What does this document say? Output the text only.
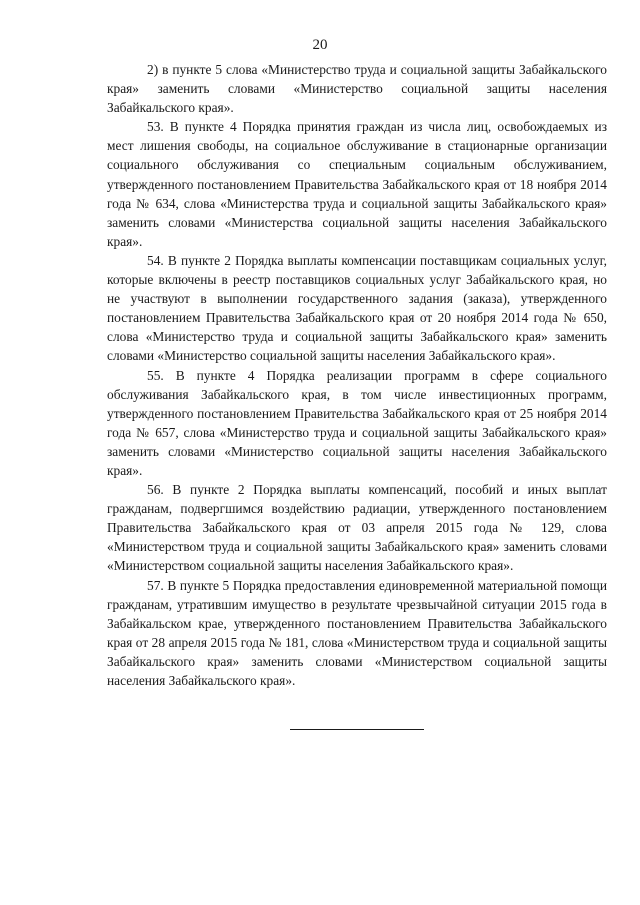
20

2) в пункте 5 слова «Министерство труда и социальной защиты Забайкальского края» заменить словами «Министерство социальной защиты населения Забайкальского края».

53. В пункте 4 Порядка принятия граждан из числа лиц, освобождаемых из мест лишения свободы, на социальное обслуживание в стационарные организации социального обслуживания со специальным социальным обслуживанием, утвержденного постановлением Правительства Забайкальского края от 18 ноября 2014 года № 634, слова «Министерства труда и социальной защиты Забайкальского края» заменить словами «Министерства социальной защиты населения Забайкальского края».

54. В пункте 2 Порядка выплаты компенсации поставщикам социальных услуг, которые включены в реестр поставщиков социальных услуг Забайкальского края, но не участвуют в выполнении государственного задания (заказа), утвержденного постановлением Правительства Забайкальского края от 20 ноября 2014 года № 650, слова «Министерство труда и социальной защиты Забайкальского края» заменить словами «Министерство социальной защиты населения Забайкальского края».

55. В пункте 4 Порядка реализации программ в сфере социального обслуживания Забайкальского края, в том числе инвестиционных программ, утвержденного постановлением Правительства Забайкальского края от 25 ноября 2014 года № 657, слова «Министерство труда и социальной защиты Забайкальского края» заменить словами «Министерство социальной защиты населения Забайкальского края».

56. В пункте 2 Порядка выплаты компенсаций, пособий и иных выплат гражданам, подвергшимся воздействию радиации, утвержденного постановлением Правительства Забайкальского края от 03 апреля 2015 года № 129, слова «Министерством труда и социальной защиты Забайкальского края» заменить словами «Министерством социальной защиты населения Забайкальского края».

57. В пункте 5 Порядка предоставления единовременной материальной помощи гражданам, утратившим имущество в результате чрезвычайной ситуации 2015 года в Забайкальском крае, утвержденного постановлением Правительства Забайкальского края от 28 апреля 2015 года № 181, слова «Министерством труда и социальной защиты Забайкальского края» заменить словами «Министерством социальной защиты населения Забайкальского края».
